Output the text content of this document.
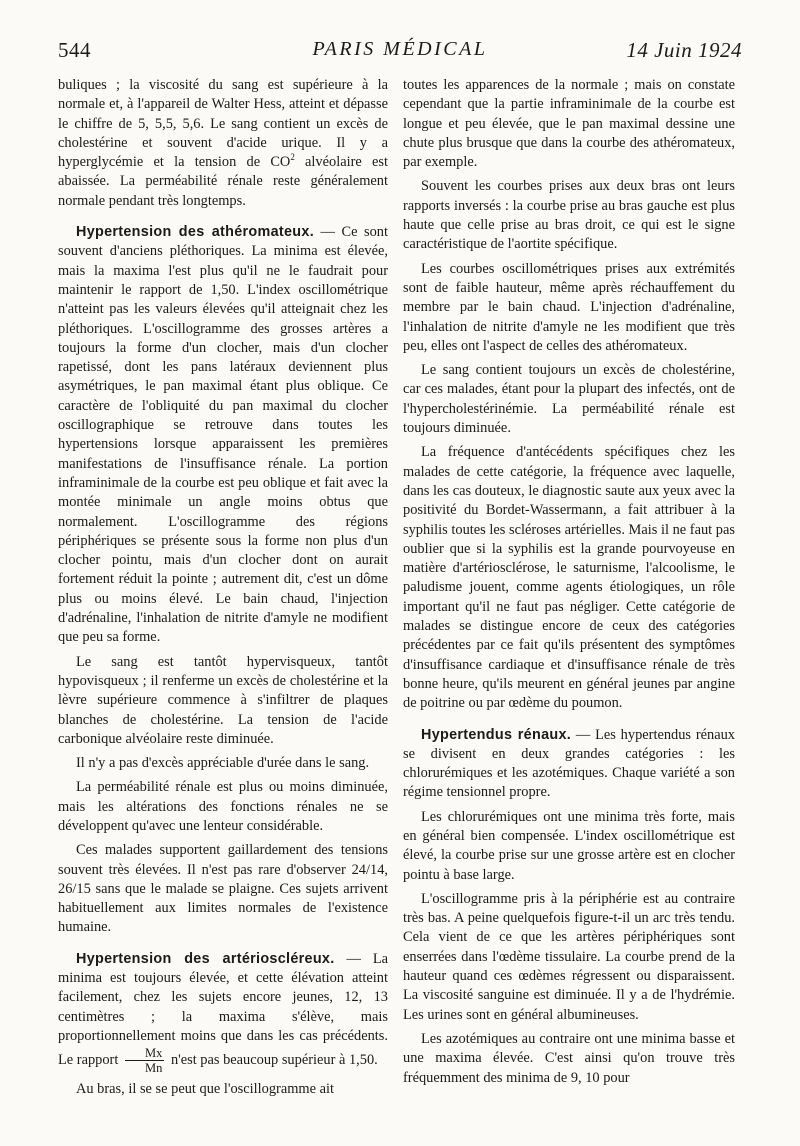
544	PARIS MÉDICAL	14 Juin 1924

buliques ; la viscosité du sang est supérieure à la normale et, à l'appareil de Walter Hess, atteint et dépasse le chiffre de 5, 5,5, 5,6. Le sang contient un excès de cholestérine et souvent d'acide urique. Il y a hyperglycémie et la tension de $CO^2$ alvéolaire est abaissée. La perméabilité rénale reste généralement normale pendant très longtemps.

Hypertension des athéromateux. — Ce sont souvent d'anciens pléthoriques. La minima est élevée, mais la maxima l'est plus qu'il ne le faudrait pour maintenir le rapport de 1,50. L'index oscillométrique n'atteint pas les valeurs élevées qu'il atteignait chez les pléthoriques. L'oscillogramme des grosses artères a toujours la forme d'un clocher, mais d'un clocher rapetissé, dont les pans latéraux deviennent plus asymétriques, le pan maximal étant plus oblique. Ce caractère de l'obliquité du pan maximal du clocher oscillographique se retrouve dans toutes les hypertensions lorsque apparaissent les premières manifestations de l'insuffisance rénale. La portion inframinimale de la courbe est peu oblique et fait avec la montée minimale un angle moins obtus que normalement. L'oscillogramme des régions périphériques se présente sous la forme non plus d'un clocher pointu, mais d'un clocher dont on aurait fortement réduit la pointe ; autrement dit, c'est un dôme plus ou moins élevé. Le bain chaud, l'injection d'adrénaline, l'inhalation de nitrite d'amyle ne modifient que peu sa forme.

Le sang est tantôt hypervisqueux, tantôt hypovisqueux ; il renferme un excès de cholestérine et la lèvre supérieure commence à s'infiltrer de plaques blanches de cholestérine. La tension de l'acide carbonique alvéolaire reste diminuée.

Il n'y a pas d'excès appréciable d'urée dans le sang.

La perméabilité rénale est plus ou moins diminuée, mais les altérations des fonctions rénales ne se développent qu'avec une lenteur considérable.

Ces malades supportent gaillardement des tensions souvent très élevées. Il n'est pas rare d'observer 24/14, 26/15 sans que le malade se plaigne. Ces sujets arrivent habituellement aux limites normales de l'existence humaine.

Hypertension des artérioscléreux. — La minima est toujours élevée, et cette élévation atteint facilement, chez les sujets encore jeunes, 12, 13 centimètres ; la maxima s'élève, mais proportionnellement moins que dans les cas précédents. Le rapport $\frac{Mx}{Mn} n'est$ pas beaucoup supérieur à 1,50.

Au bras, il se se peut que l'oscillogramme ait

toutes les apparences de la normale ; mais on constate cependant que la partie inframinimale de la courbe est longue et peu élevée, que le pan maximal dessine une chute plus brusque que dans la courbe des athéromateux, par exemple.

Souvent les courbes prises aux deux bras ont leurs rapports inversés : la courbe prise au bras gauche est plus haute que celle prise au bras droit, ce qui est le signe caractéristique de l'aortite spécifique.

Les courbes oscillométriques prises aux extrémités sont de faible hauteur, même après réchauffement du membre par le bain chaud. L'injection d'adrénaline, l'inhalation de nitrite d'amyle ne les modifient que très peu, elles ont l'aspect de celles des athéromateux.

Le sang contient toujours un excès de cholestérine, car ces malades, étant pour la plupart des infectés, ont de l'hypercholestérinémie. La perméabilité rénale est toujours diminuée.

La fréquence d'antécédents spécifiques chez les malades de cette catégorie, la fréquence avec laquelle, dans les cas douteux, le diagnostic saute aux yeux avec la positivité du Bordet-Wassermann, a fait attribuer à la syphilis toutes les scléroses artérielles. Mais il ne faut pas oublier que si la syphilis est la grande pourvoyeuse en matière d'artériosclérose, le saturnisme, l'alcoolisme, le paludisme jouent, comme agents étiologiques, un rôle important qu'il ne faut pas négliger. Cette catégorie de malades se distingue encore de ceux des catégories précédentes par ce fait qu'ils présentent des symptômes d'insuffisance cardiaque et d'insuffisance rénale de très bonne heure, qu'ils meurent en général jeunes par angine de poitrine ou par œdème du poumon.

Hypertendus rénaux. — Les hypertendus rénaux se divisent en deux grandes catégories : les chlorurémiques et les azotémiques. Chaque variété a son régime tensionnel propre.

Les chlorurémiques ont une minima très forte, mais en général bien compensée. L'index oscillométrique est élevé, la courbe prise sur une grosse artère est en clocher pointu à base large.

L'oscillogramme pris à la périphérie est au contraire très bas. A peine quelquefois figure-t-il un arc très tendu. Cela vient de ce que les artères périphériques sont enserrées dans l'œdème tissulaire. La courbe prend de la hauteur quand ces œdèmes régressent ou disparaissent. La viscosité sanguine est diminuée. Il y a de l'hydrémie. Les urines sont en général albumineuses.

Les azotémiques au contraire ont une minima basse et une maxima élevée. C'est ainsi qu'on trouve très fréquemment des minima de 9, 10 pour
